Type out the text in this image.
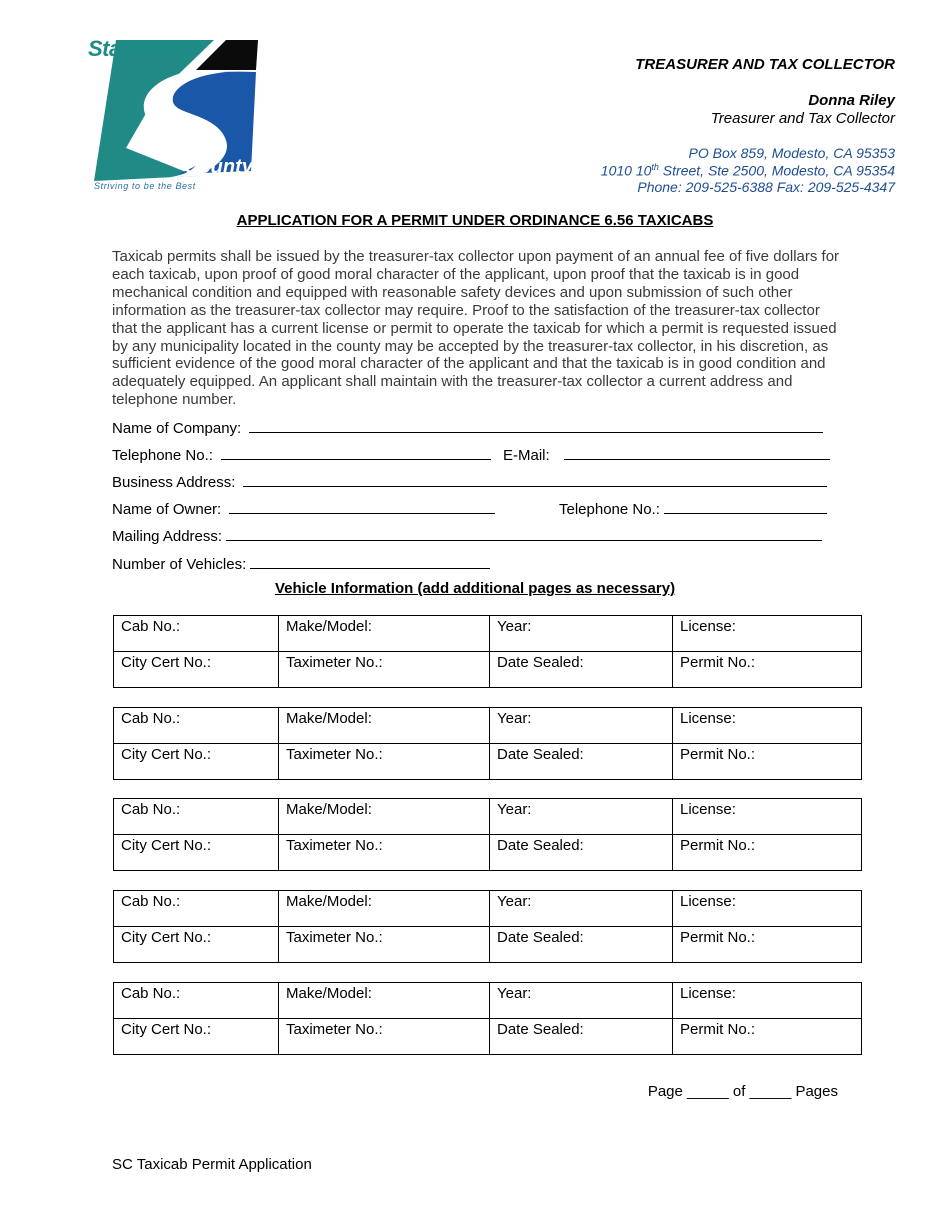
Stanislaus
County
Striving to be the Best
TREASURER AND TAX COLLECTOR
Donna Riley
Treasurer and Tax Collector
PO Box 859, Modesto, CA 95353
1010 10th Street, Ste 2500, Modesto, CA 95354
Phone: 209-525-6388 Fax: 209-525-4347
APPLICATION FOR A PERMIT UNDER ORDINANCE 6.56 TAXICABS
Taxicab permits shall be issued by the treasurer-tax collector upon payment of an annual fee of five dollars for each taxicab, upon proof of good moral character of the applicant, upon proof that the taxicab is in good mechanical condition and equipped with reasonable safety devices and upon submission of such other information as the treasurer-tax collector may require. Proof to the satisfaction of the treasurer-tax collector that the applicant has a current license or permit to operate the taxicab for which a permit is requested issued by any municipality located in the county may be accepted by the treasurer-tax collector, in his discretion, as sufficient evidence of the good moral character of the applicant and that the taxicab is in good condition and adequately equipped. An applicant shall maintain with the treasurer-tax collector a current address and telephone number.
Name of Company:
Telephone No.:	E-Mail:
Business Address:
Name of Owner:	Telephone No.:
Mailing Address:
Number of Vehicles:
Vehicle Information (add additional pages as necessary)
Cab No.:	Make/Model:	Year:	License:

City Cert No.:	Taximeter No.:	Date Sealed:	Permit No.:
Cab No.:	Make/Model:	Year:	License:

City Cert No.:	Taximeter No.:	Date Sealed:	Permit No.:
Cab No.:	Make/Model:	Year:	License:

City Cert No.:	Taximeter No.:	Date Sealed:	Permit No.:
Cab No.:	Make/Model:	Year:	License:

City Cert No.:	Taximeter No.:	Date Sealed:	Permit No.:
Cab No.:	Make/Model:	Year:	License:

City Cert No.:	Taximeter No.:	Date Sealed:	Permit No.:
Page _____ of _____ Pages
SC Taxicab Permit Application
